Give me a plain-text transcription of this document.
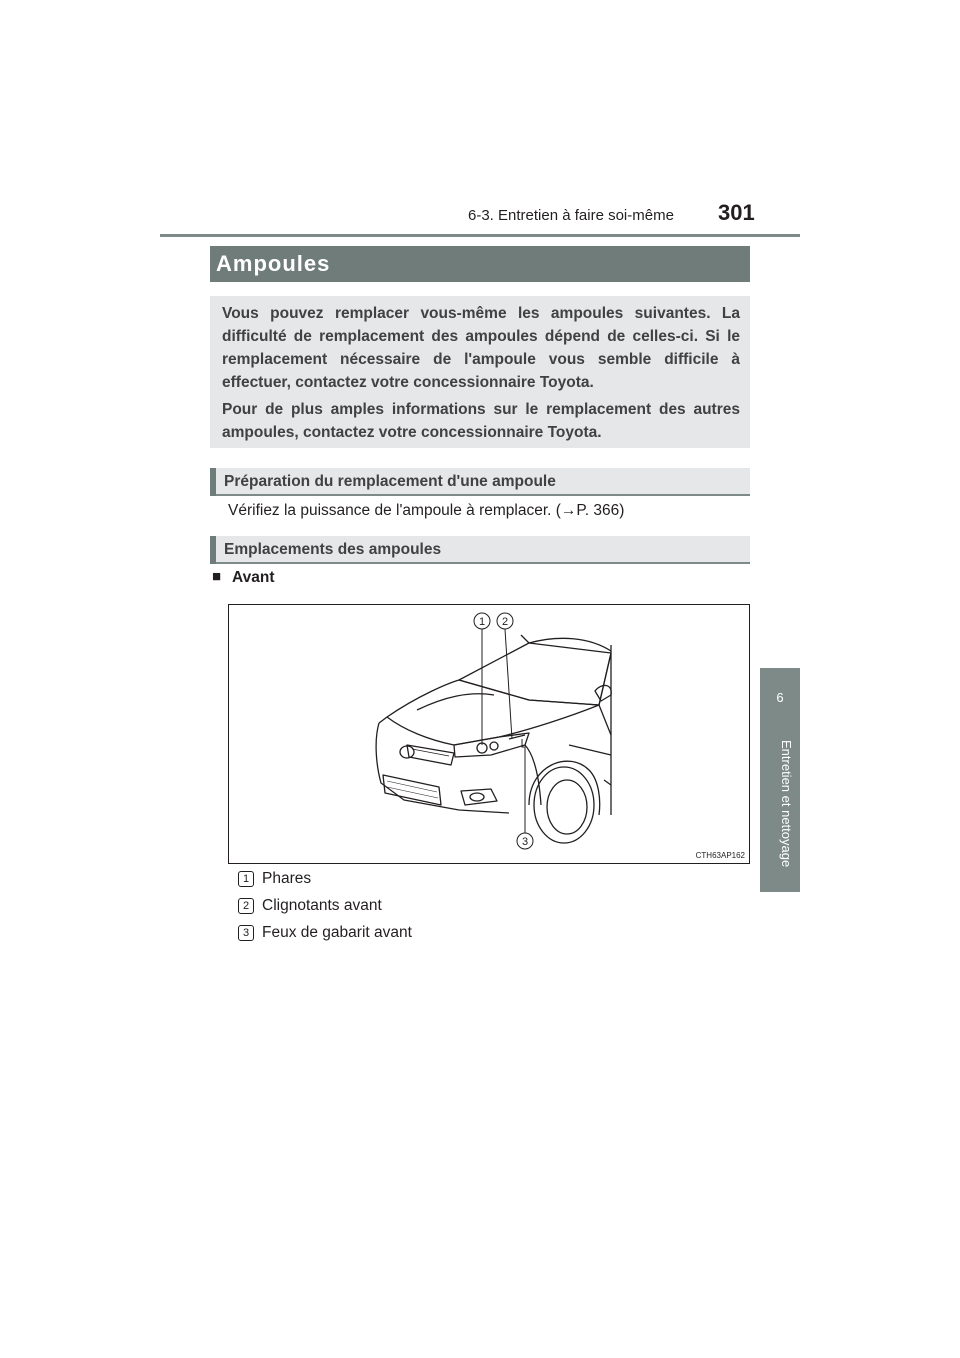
6-3. Entretien à faire soi-même 301
6
Entretien et nettoyage
Ampoules
Vous pouvez remplacer vous-même les ampoules suivantes. La difficulté de remplacement des ampoules dépend de celles-ci. Si le remplacement nécessaire de l'ampoule vous semble difficile à effectuer, contactez votre concessionnaire Toyota.
Pour de plus amples informations sur le remplacement des autres ampoules, contactez votre concessionnaire Toyota.
Préparation du remplacement d'une ampoule
Vérifiez la puissance de l'ampoule à remplacer. (→P. 366)
Emplacements des ampoules
■ Avant
1 2
3
CTH63AP162
1 Phares
2 Clignotants avant
3 Feux de gabarit avant
